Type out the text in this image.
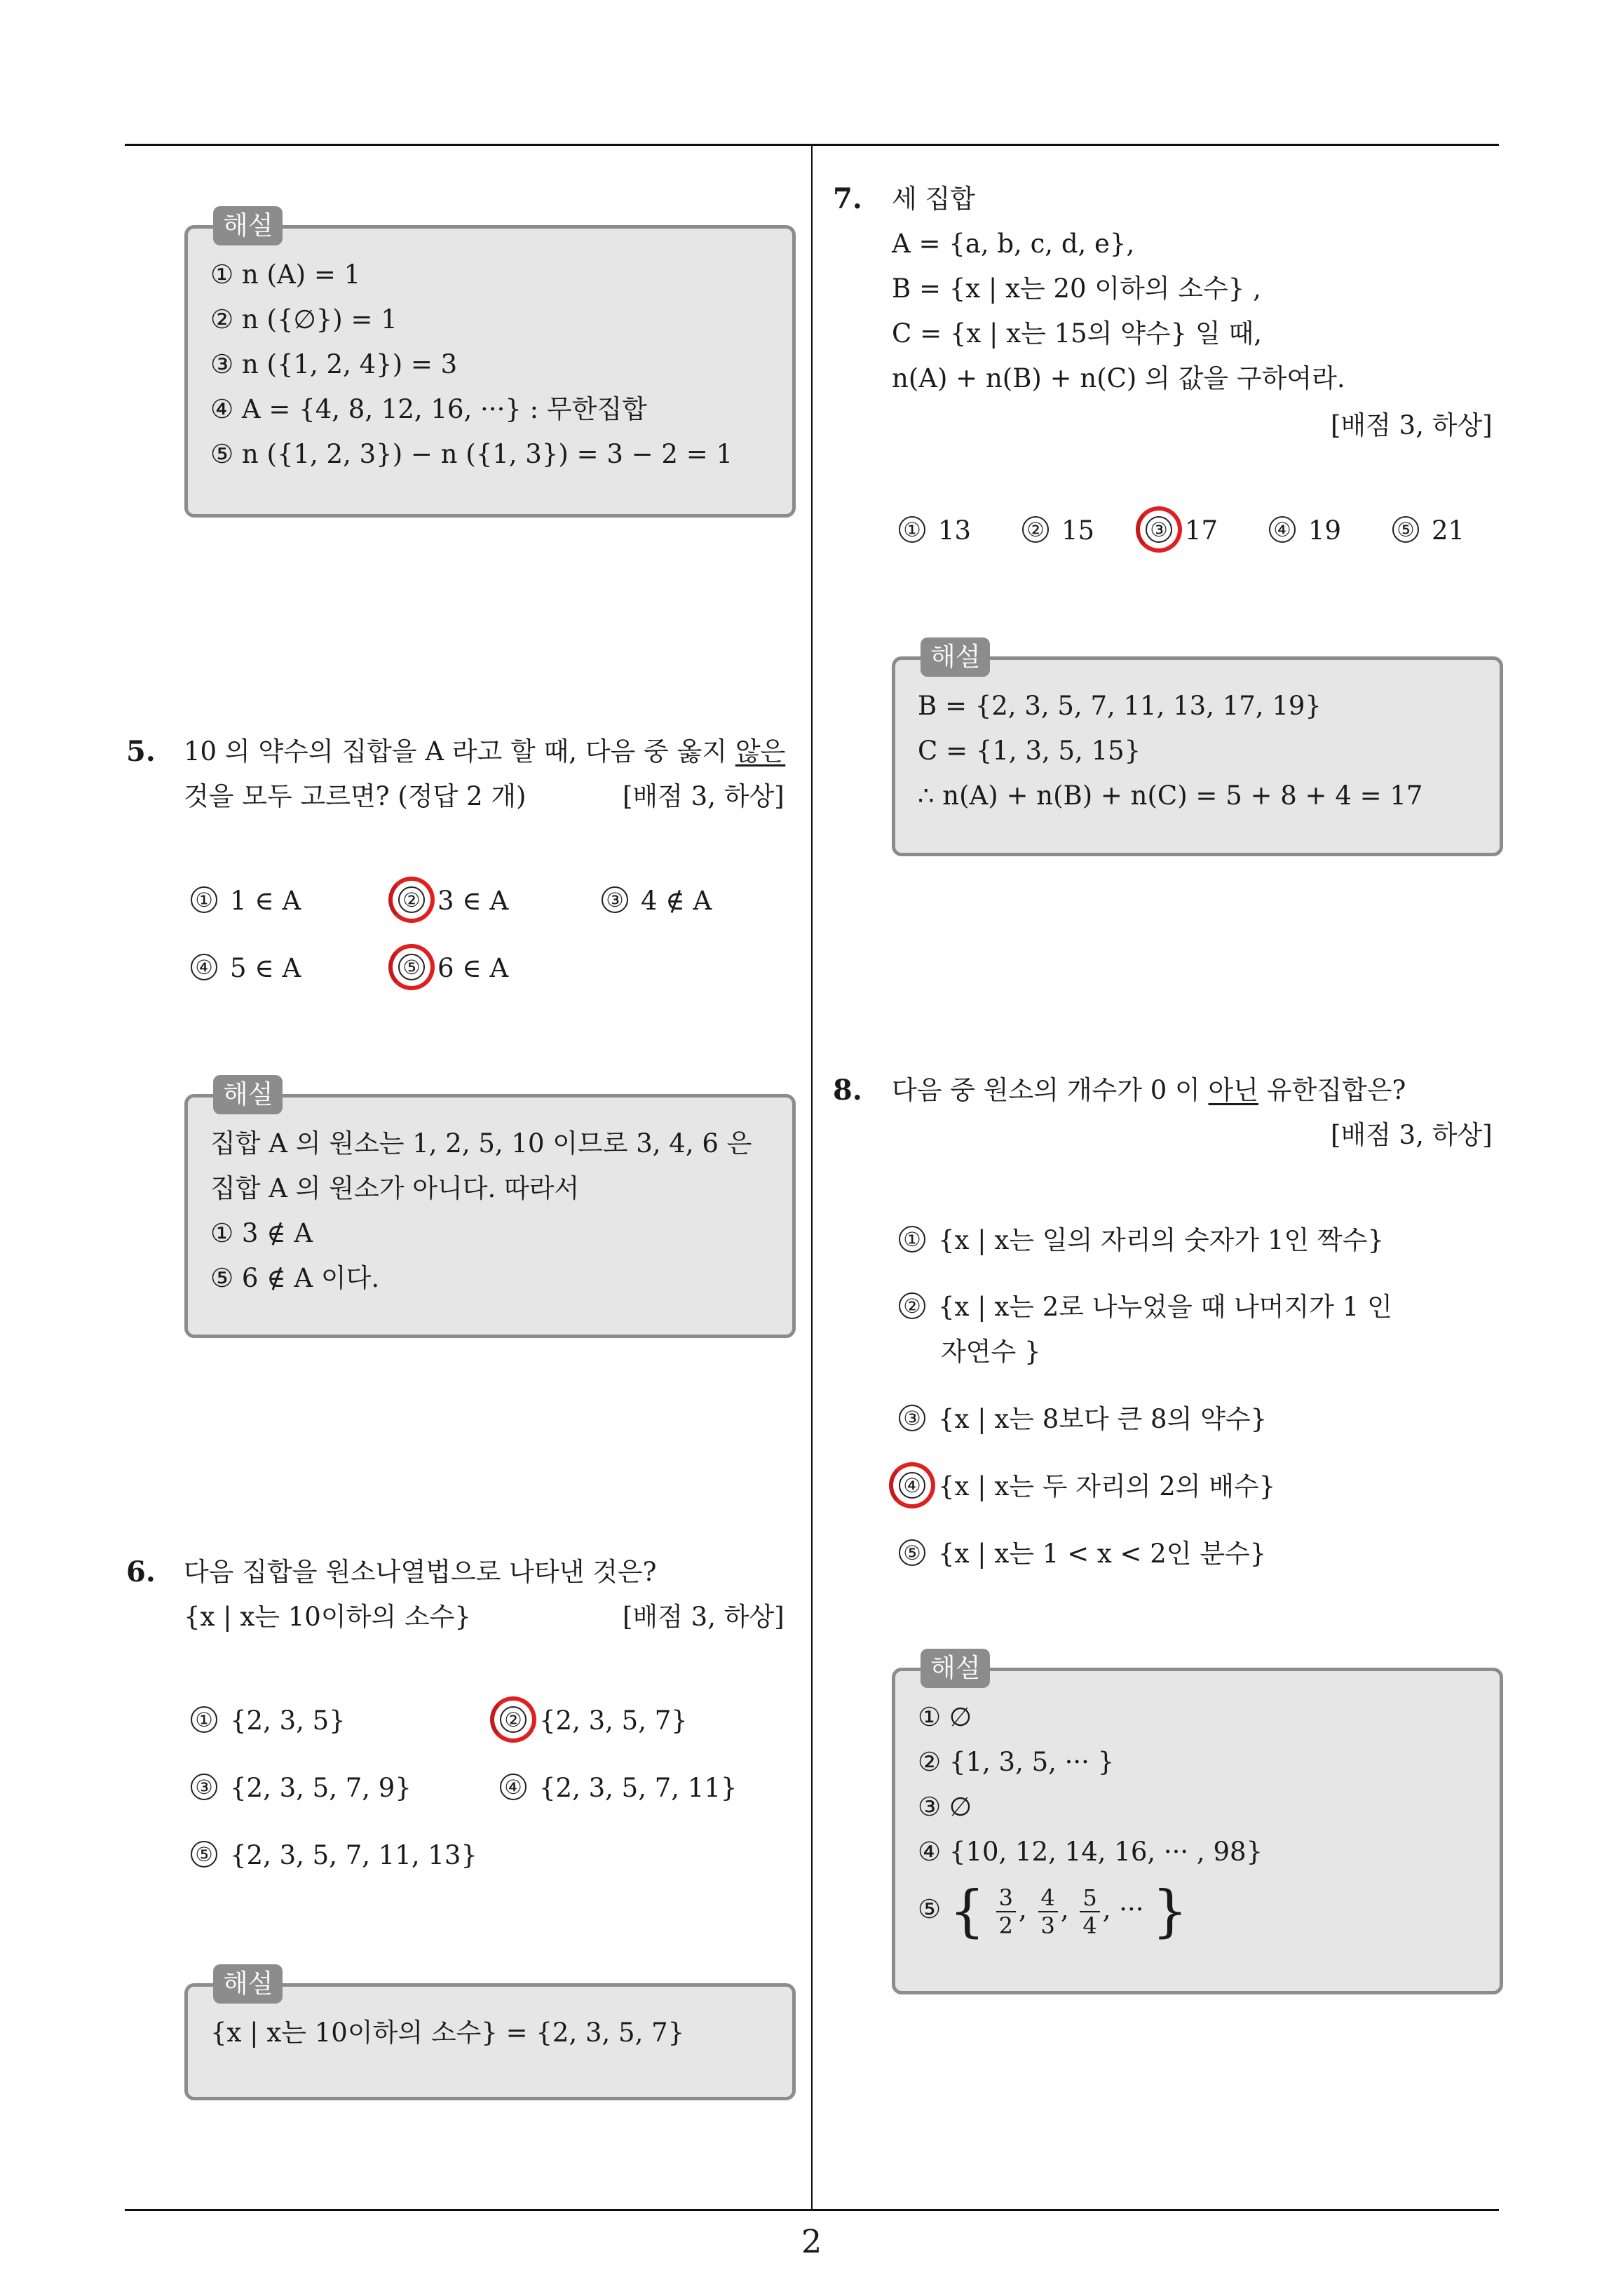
해설
① n (A) = 1
② n ({∅}) = 1
③ n ({1, 2, 4}) = 3
④ A = {4, 8, 12, 16, ···} : 무한집합
⑤ n ({1, 2, 3}) − n ({1, 3}) = 3 − 2 = 1
5. 10 의 약수의 집합을 A 라고 할 때, 다음 중 옳지 않은
것을 모두 고르면? (정답 2 개)	[배점 3, 하상]
① 1 ∈ A	② 3 ∈ A	③ 4 ∉ A
④ 5 ∈ A	⑤ 6 ∈ A
해설
집합 A 의 원소는 1, 2, 5, 10 이므로 3, 4, 6 은
집합 A 의 원소가 아니다. 따라서
① 3 ∉ A
⑤ 6 ∉ A 이다.
6. 다음 집합을 원소나열법으로 나타낸 것은?
{x | x는 10이하의 소수}	[배점 3, 하상]
① {2, 3, 5}	② {2, 3, 5, 7}
③ {2, 3, 5, 7, 9}	④ {2, 3, 5, 7, 11}
⑤ {2, 3, 5, 7, 11, 13}
해설
{x | x는 10이하의 소수} = {2, 3, 5, 7}
7. 세 집합
A = {a, b, c, d, e},
B = {x | x는 20 이하의 소수} ,
C = {x | x는 15의 약수} 일 때,
n(A) + n(B) + n(C) 의 값을 구하여라.
[배점 3, 하상]
① 13	② 15	③ 17	④ 19	⑤ 21
해설
B = {2, 3, 5, 7, 11, 13, 17, 19}
C = {1, 3, 5, 15}
∴ n(A) + n(B) + n(C) = 5 + 8 + 4 = 17
8. 다음 중 원소의 개수가 0 이 아닌 유한집합은?
[배점 3, 하상]
① {x | x는 일의 자리의 숫자가 1인 짝수}
② {x | x는 2로 나누었을 때 나머지가 1 인
자연수 }
③ {x | x는 8보다 큰 8의 약수}
④ {x | x는 두 자리의 2의 배수}
⑤ {x | x는 1 < x < 2인 분수}
해설
① ∅
② {1, 3, 5, ··· }
③ ∅
④ {10, 12, 14, 16, ··· , 98}
⑤ { $\frac{3}{2}$ , $\frac{4}{3}$ , $\frac{5}{4}$ , ··· }
2
